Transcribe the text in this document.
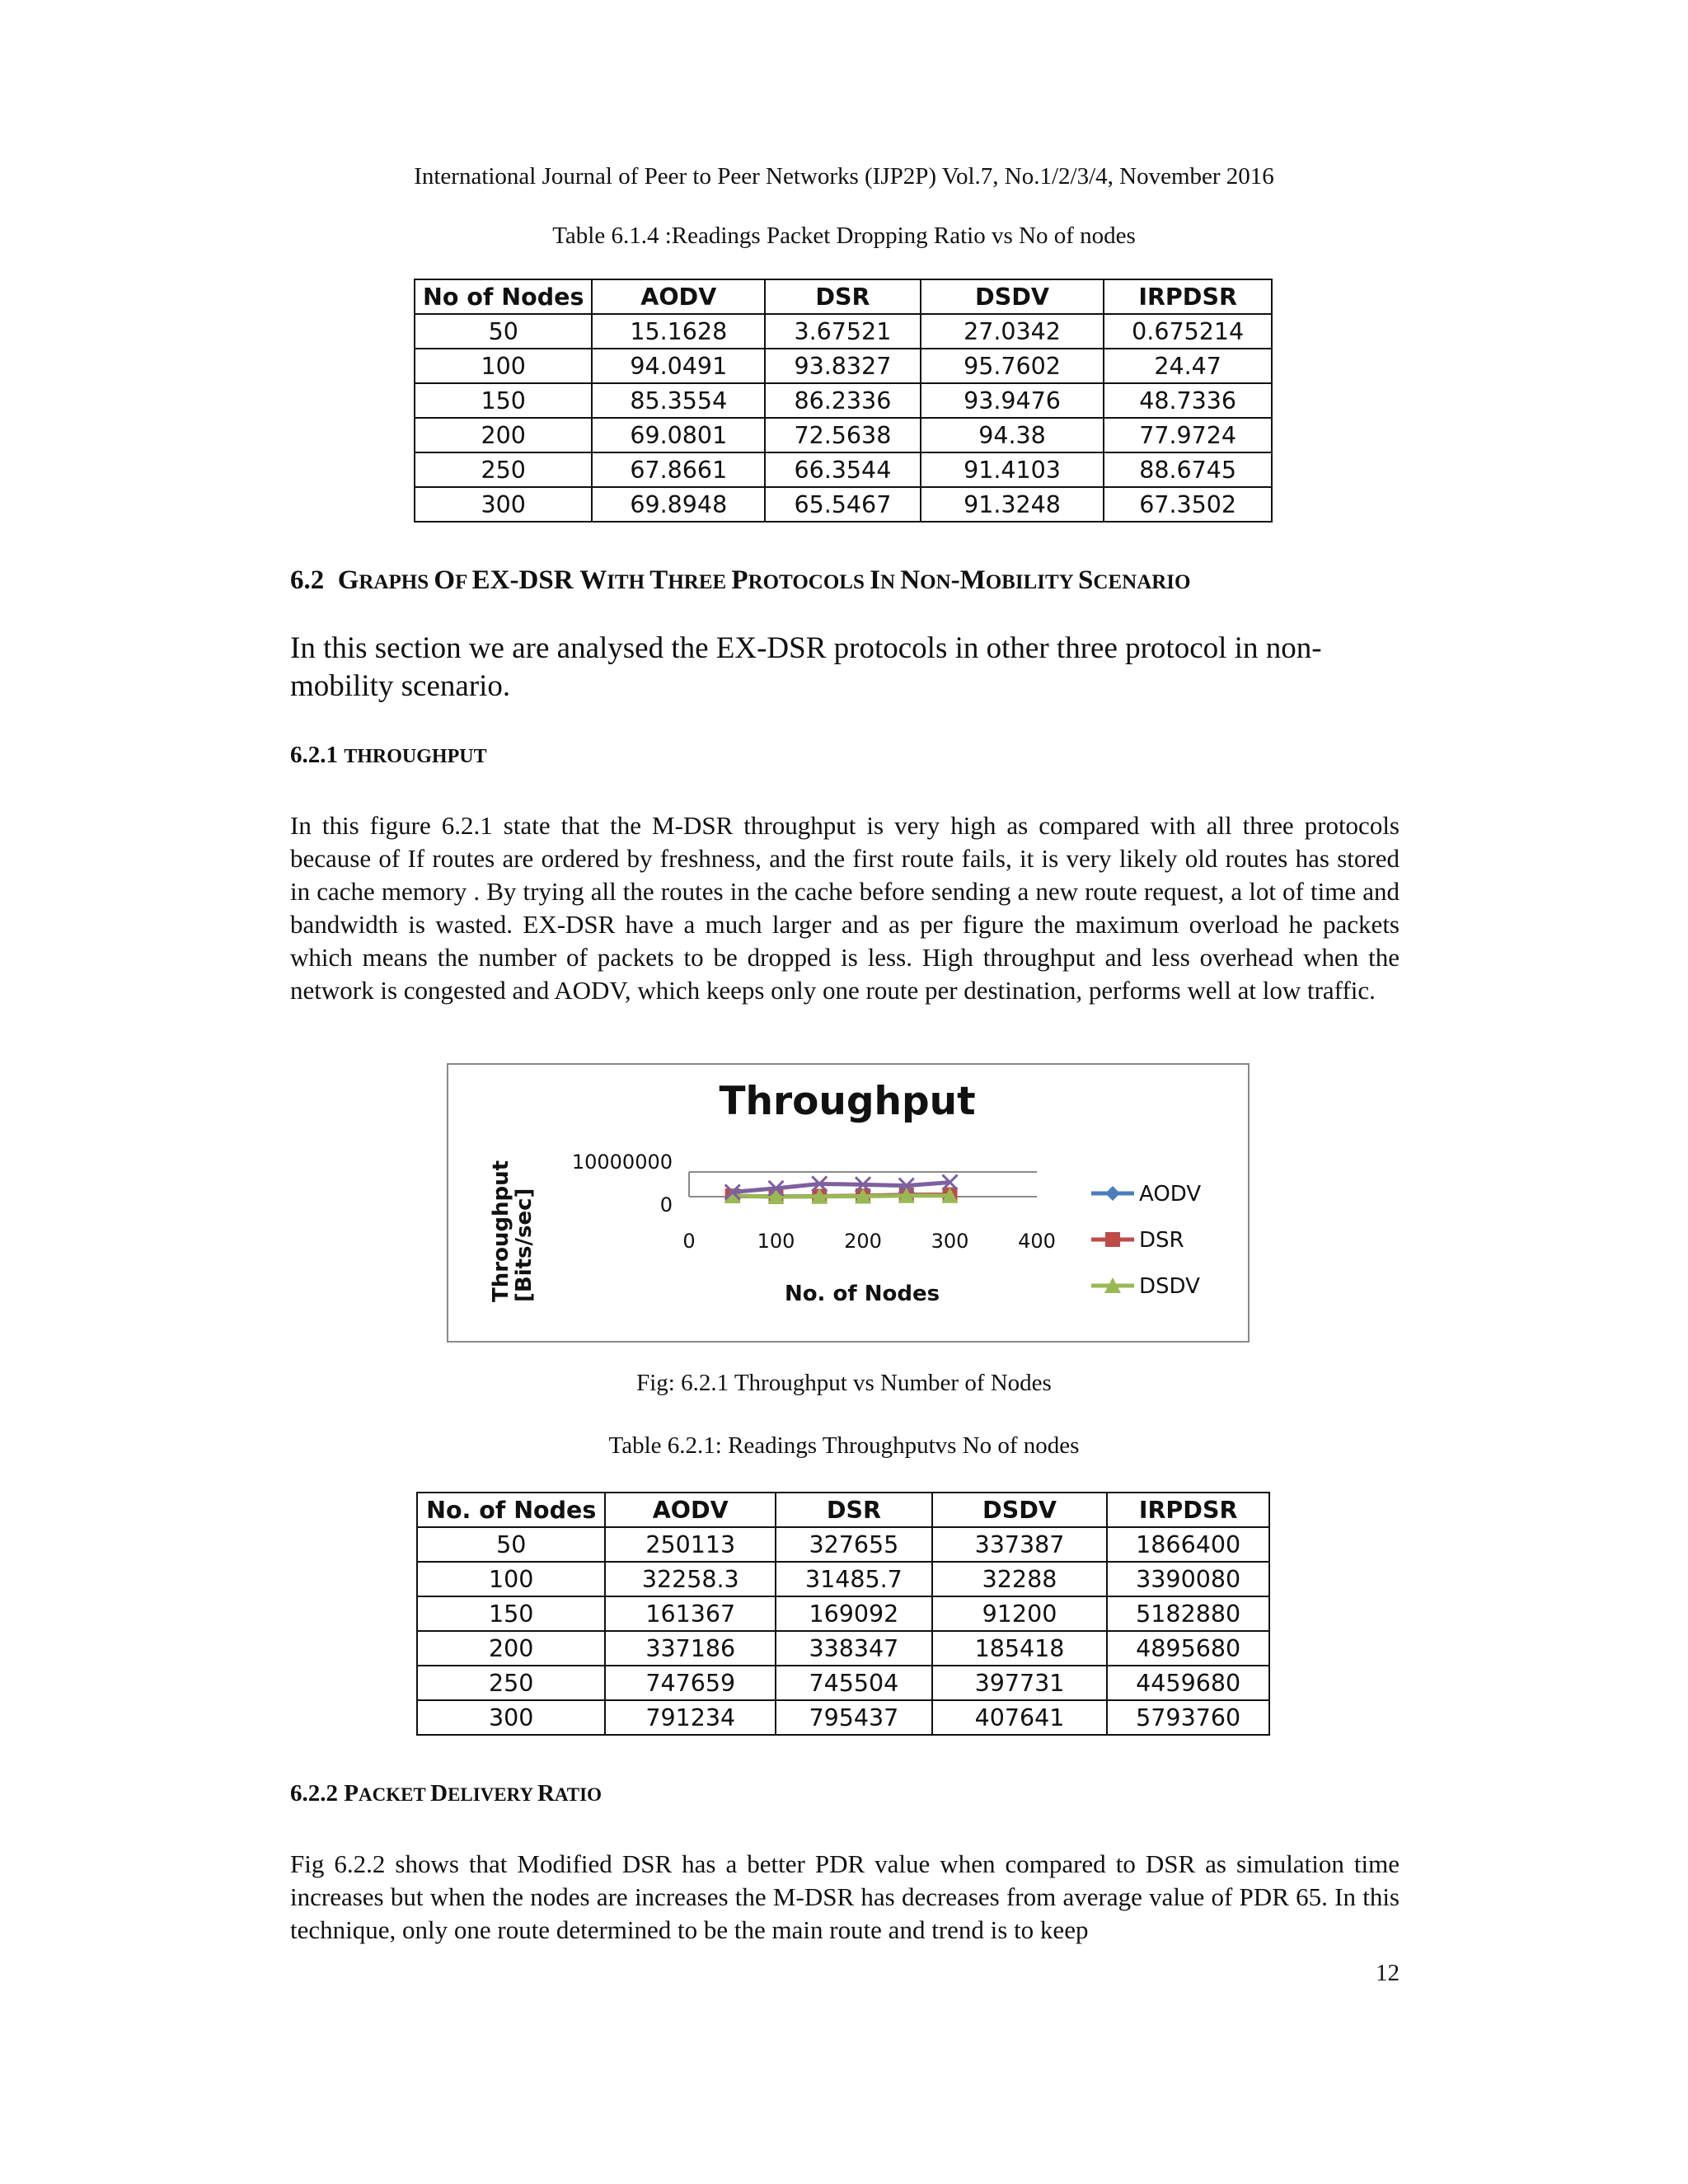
International Journal of Peer to Peer Networks (IJP2P) Vol.7, No.1/2/3/4, November 2016
Table 6.1.4 :Readings Packet Dropping Ratio vs No of nodes
No of Nodes	AODV	DSR	DSDV	IRPDSR
50	15.1628	3.67521	27.0342	0.675214
100	94.0491	93.8327	95.7602	24.47
150	85.3554	86.2336	93.9476	48.7336
200	69.0801	72.5638	94.38	77.9724
250	67.8661	66.3544	91.4103	88.6745
300	69.8948	65.5467	91.3248	67.3502
6.2 GRAPHS OF EX-DSR WITH THREE PROTOCOLS IN NON-MOBILITY SCENARIO
In this section we are analysed the EX-DSR protocols in other three protocol in non-mobility scenario.
6.2.1 THROUGHPUT
In this figure 6.2.1 state that the M-DSR throughput is very high as compared with all three protocols because of If routes are ordered by freshness, and the first route fails, it is very likely old routes has stored in cache memory . By trying all the routes in the cache before sending a new route request, a lot of time and bandwidth is wasted. EX-DSR have a much larger and as per figure the maximum overload he packets which means the number of packets to be dropped is less. High throughput and less overhead when the network is congested and AODV, which keeps only one route per destination, performs well at low traffic.
Throughput
Throughput
[Bits/sec]
10000000
0
0	100 200 300 400
No. of Nodes
AODV
DSR
DSDV
Fig: 6.2.1 Throughput vs Number of Nodes
Table 6.2.1: Readings Throughputvs No of nodes
No. of Nodes	AODV	DSR	DSDV	IRPDSR
50	250113	327655	337387	1866400
100	32258.3	31485.7	32288	3390080
150	161367	169092	91200	5182880
200	337186	338347	185418	4895680
250	747659	745504	397731	4459680
300	791234	795437	407641	5793760
6.2.2 PACKET DELIVERY RATIO
Fig 6.2.2 shows that Modified DSR has a better PDR value when compared to DSR as simulation time increases but when the nodes are increases the M-DSR has decreases from average value of PDR 65. In this technique, only one route determined to be the main route and trend is to keep
12
